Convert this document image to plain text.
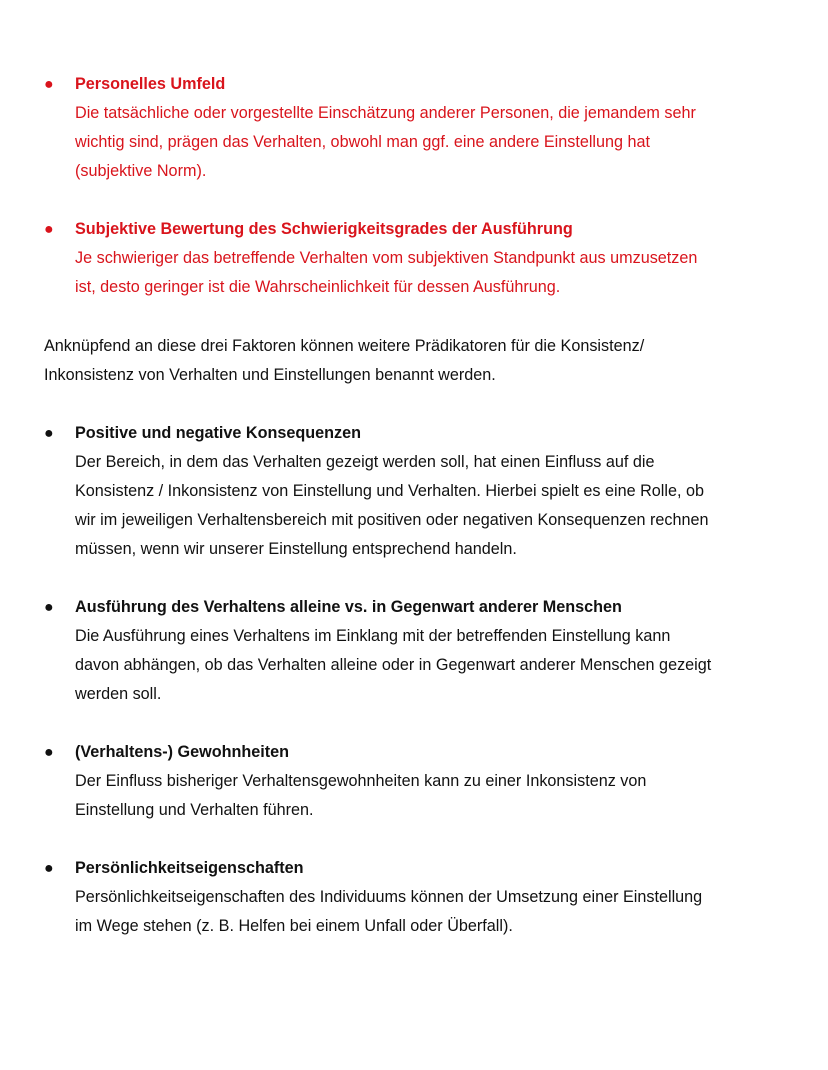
●	Personelles Umfeld
Die tatsächliche oder vorgestellte Einschätzung anderer Personen, die jemandem sehr
wichtig sind, prägen das Verhalten, obwohl man ggf. eine andere Einstellung hat
(subjektive Norm).
●	Subjektive Bewertung des Schwierigkeitsgrades der Ausführung
Je schwieriger das betreffende Verhalten vom subjektiven Standpunkt aus umzusetzen
ist, desto geringer ist die Wahrscheinlichkeit für dessen Ausführung.
Anknüpfend an diese drei Faktoren können weitere Prädikatoren für die Konsistenz/
Inkonsistenz von Verhalten und Einstellungen benannt werden.
●	Positive und negative Konsequenzen
Der Bereich, in dem das Verhalten gezeigt werden soll, hat einen Einfluss auf die
Konsistenz / Inkonsistenz von Einstellung und Verhalten. Hierbei spielt es eine Rolle, ob
wir im jeweiligen Verhaltensbereich mit positiven oder negativen Konsequenzen rechnen
müssen, wenn wir unserer Einstellung entsprechend handeln.
●	Ausführung des Verhaltens alleine vs. in Gegenwart anderer Menschen
Die Ausführung eines Verhaltens im Einklang mit der betreffenden Einstellung kann
davon abhängen, ob das Verhalten alleine oder in Gegenwart anderer Menschen gezeigt
werden soll.
●	(Verhaltens-) Gewohnheiten
Der Einfluss bisheriger Verhaltensgewohnheiten kann zu einer Inkonsistenz von
Einstellung und Verhalten führen.
●	Persönlichkeitseigenschaften
Persönlichkeitseigenschaften des Individuums können der Umsetzung einer Einstellung
im Wege stehen (z. B. Helfen bei einem Unfall oder Überfall).
